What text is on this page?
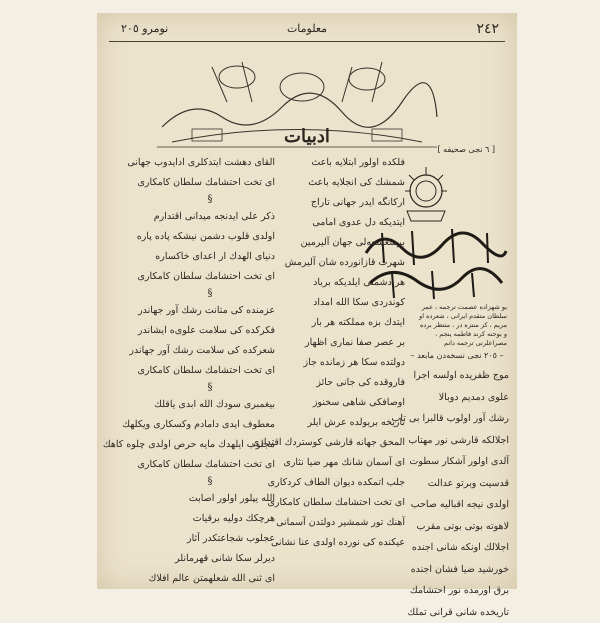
٢٤٢
معلومات
نومرو ٢٠٥
ادبيات
[ ٦ نجی صحیفه ]
بو شهزاده عصمت ترجمه ، عمر سلطان متقدم ایرانی ، شعرده او مریم ، کز منتزه در ، منتظر برده و بوحنه کرند فاطمه پنجم ، مصراعلرنی ترجمه دانم
– ٢٠٥ نجی نسخه‌دن مابعد –
فلکده اولور ابتلایه باعث
شمشك كى انجلايه باعث
ارکانگه ایدر جهانی تاراج
ایتدیکه دل عدوی امامی
برشعشعه‌لی جهان آلیرمین
شهرت قازانورده شان آلیرمش
هر دشمنی ایلدیکه برباد
کوندردی سکا الله امداد
ایتدك بزه مملکته هر بار
بر عصر صفا نماری اظهار
دولتده سکا هر زمانده جاز
فاروقده کی جانی حائز
اوصافکی شاهی سخنوز
تاریخه بریولده عرش ایلر
المحق جهانه قارشی کوستردك اقتداری
ای آسمان شانك مهر ضیا نثاری
جلب اتمکده دیوان الطاف کردکاری
ای تخت احتشامك سلطان کامکاری
آهنك تور شمشیر دولتدن آسمانی
عیکنده کی نورده اولدی عنا نشانی
القای دهشت ایتدکلری ادايدوب جهانی
ای تخت احتشامك سلطان کامکاری
§
ذکر علی ایدنجه میدانی اقتدارم
اولدی قلوب دشمن نیشکه پاده پاره
دنیای الهدك ار اعدای خاکساره
ای تخت احتشامك سلطان کامکاری
§
عزمنده کی متانت رشك آور جهاندر
فکرکده کی سلامت علوی‌ه ایشاندر
شعرکده کی سلامت رشك آور جهاندر
ای تخت احتشامك سلطان کامکاری
§
بیغمبری سودك الله ابدی یاقلك
معطوف ایدی دامادم وکسکاری ویکلهك
مجلوب ایلهدك مایه حرص اولدی چلوه کاهك
ای تخت احتشامك سلطان کامکاری
§
الله یپلور اولور اصابت
هرچکك دولیه برقیات
عجلوب شجاعتکدر آثار
دیرلر سکا شانی قهرمانلر
ای ثنی الله شعلهمتن عالم افلاك
موج ظفریده اولسه اجرا
علوی دمدیم دوبالا
رشك آور اولوب قالبرا بی تاب
اجلالکه قارشی نور مهتاب
آلدی اولور آشکار سطوت
قدسیت وبرتو عدالت
اولدی نیجه اقبالیه صاحب
لاهوته بوتی بوتی مقرب
اجلالك اونکه شانی اجنده
خورشید ضیا فشان اجنده
برق اورمده نور احتشامك
تاریخده شانی قرانی تملك
